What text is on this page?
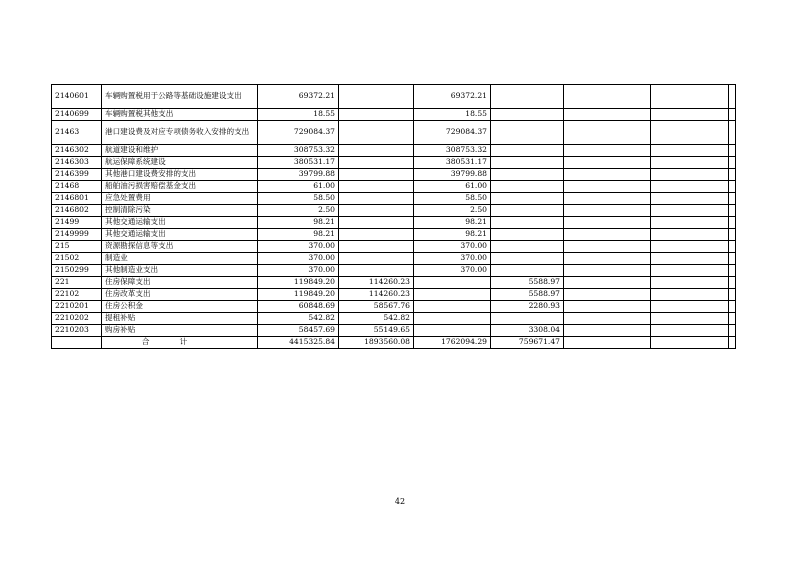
2140601	车辆购置税用于公路等基础设施建设支出	69372.21		69372.21				
2140699	车辆购置税其他支出	18.55		18.55				
21463	港口建设费及对应专项债务收入安排的支出	729084.37		729084.37				
2146302	航道建设和维护	308753.32		308753.32				
2146303	航运保障系统建设	380531.17		380531.17				
2146399	其他港口建设费安排的支出	39799.88		39799.88				
21468	船舶油污损害赔偿基金支出	61.00		61.00				
2146801	应急处置费用	58.50		58.50				
2146802	控制清除污染	2.50		2.50				
21499	其他交通运输支出	98.21		98.21				
2149999	其他交通运输支出	98.21		98.21				
215	资源勘探信息等支出	370.00		370.00				
21502	制造业	370.00		370.00				
2150299	其他制造业支出	370.00		370.00				
221	住房保障支出	119849.20	114260.23		5588.97			
22102	住房改革支出	119849.20	114260.23		5588.97			
2210201	住房公积金	60848.69	58567.76		2280.93			
2210202	提租补贴	542.82	542.82					
2210203	购房补贴	58457.69	55149.65		3308.04			
	合计	4415325.84	1893560.08	1762094.29	759671.47			
42
